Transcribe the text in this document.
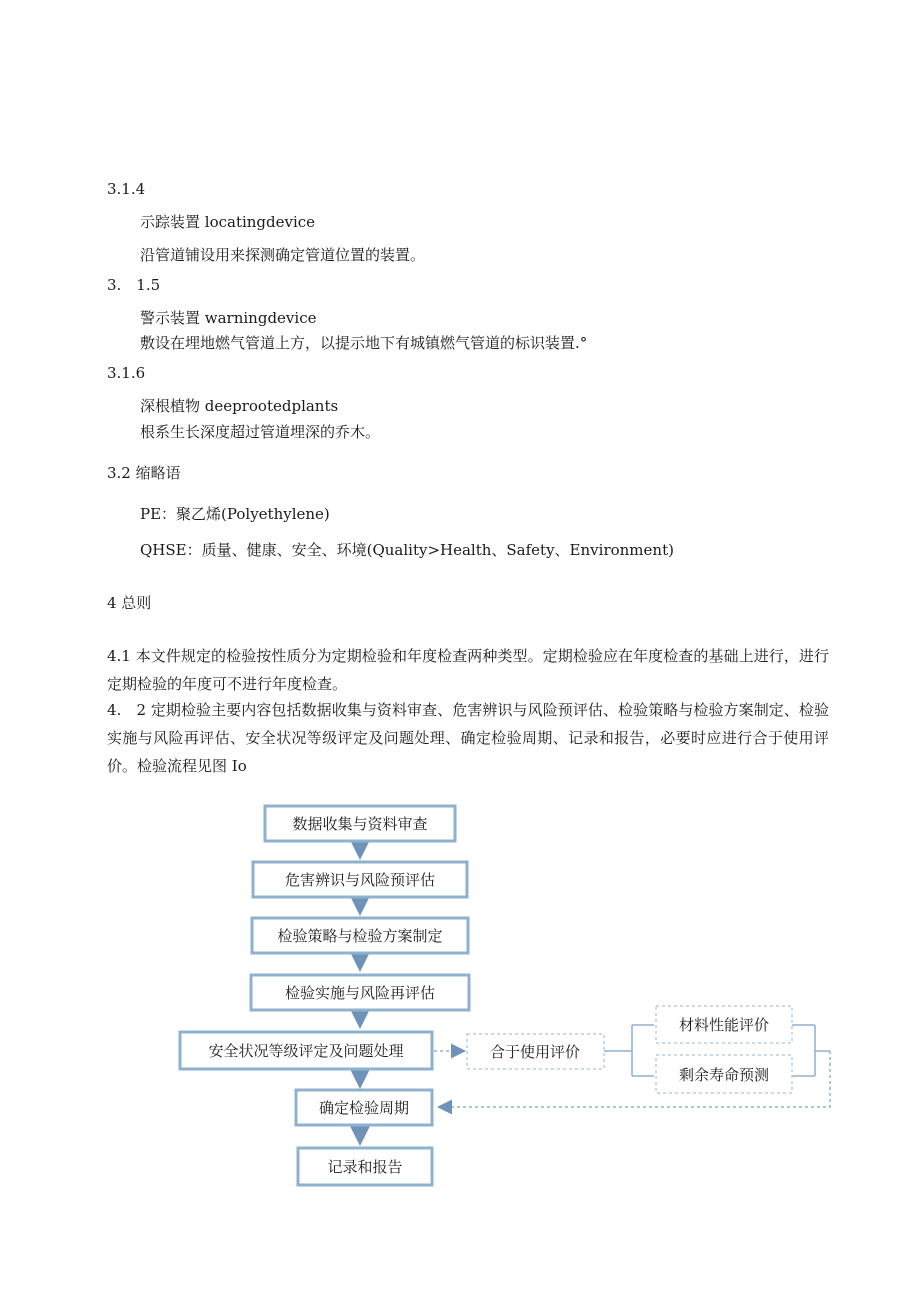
3.1.4
示踪装置 locatingdevice
沿管道铺设用来探测确定管道位置的装置。
3.　1.5
警示装置 warningdevice
敷设在埋地燃气管道上方，以提示地下有城镇燃气管道的标识装置.°
3.1.6
深根植物 deeprootedplants
根系生长深度超过管道埋深的乔木。
3.2 缩略语
PE：聚乙烯(Polyethylene)
QHSE：质量、健康、安全、环境(Quality>Health、Safety、Environment)
4 总则
4.1 本文件规定的检验按性质分为定期检验和年度检查两种类型。定期检验应在年度检查的基础上进行，进行定期检验的年度可不进行年度检查。
4.　2 定期检验主要内容包括数据收集与资料审查、危害辨识与风险预评估、检验策略与检验方案制定、检验实施与风险再评估、安全状况等级评定及问题处理、确定检验周期、记录和报告，必要时应进行合于使用评价。检验流程见图 Io
数据收集与资料审查
危害辨识与风险预评估
检验策略与检验方案制定
检验实施与风险再评估
安全状况等级评定及问题处理
确定检验周期
记录和报告
合于使用评价
材料性能评价
剩余寿命预测
